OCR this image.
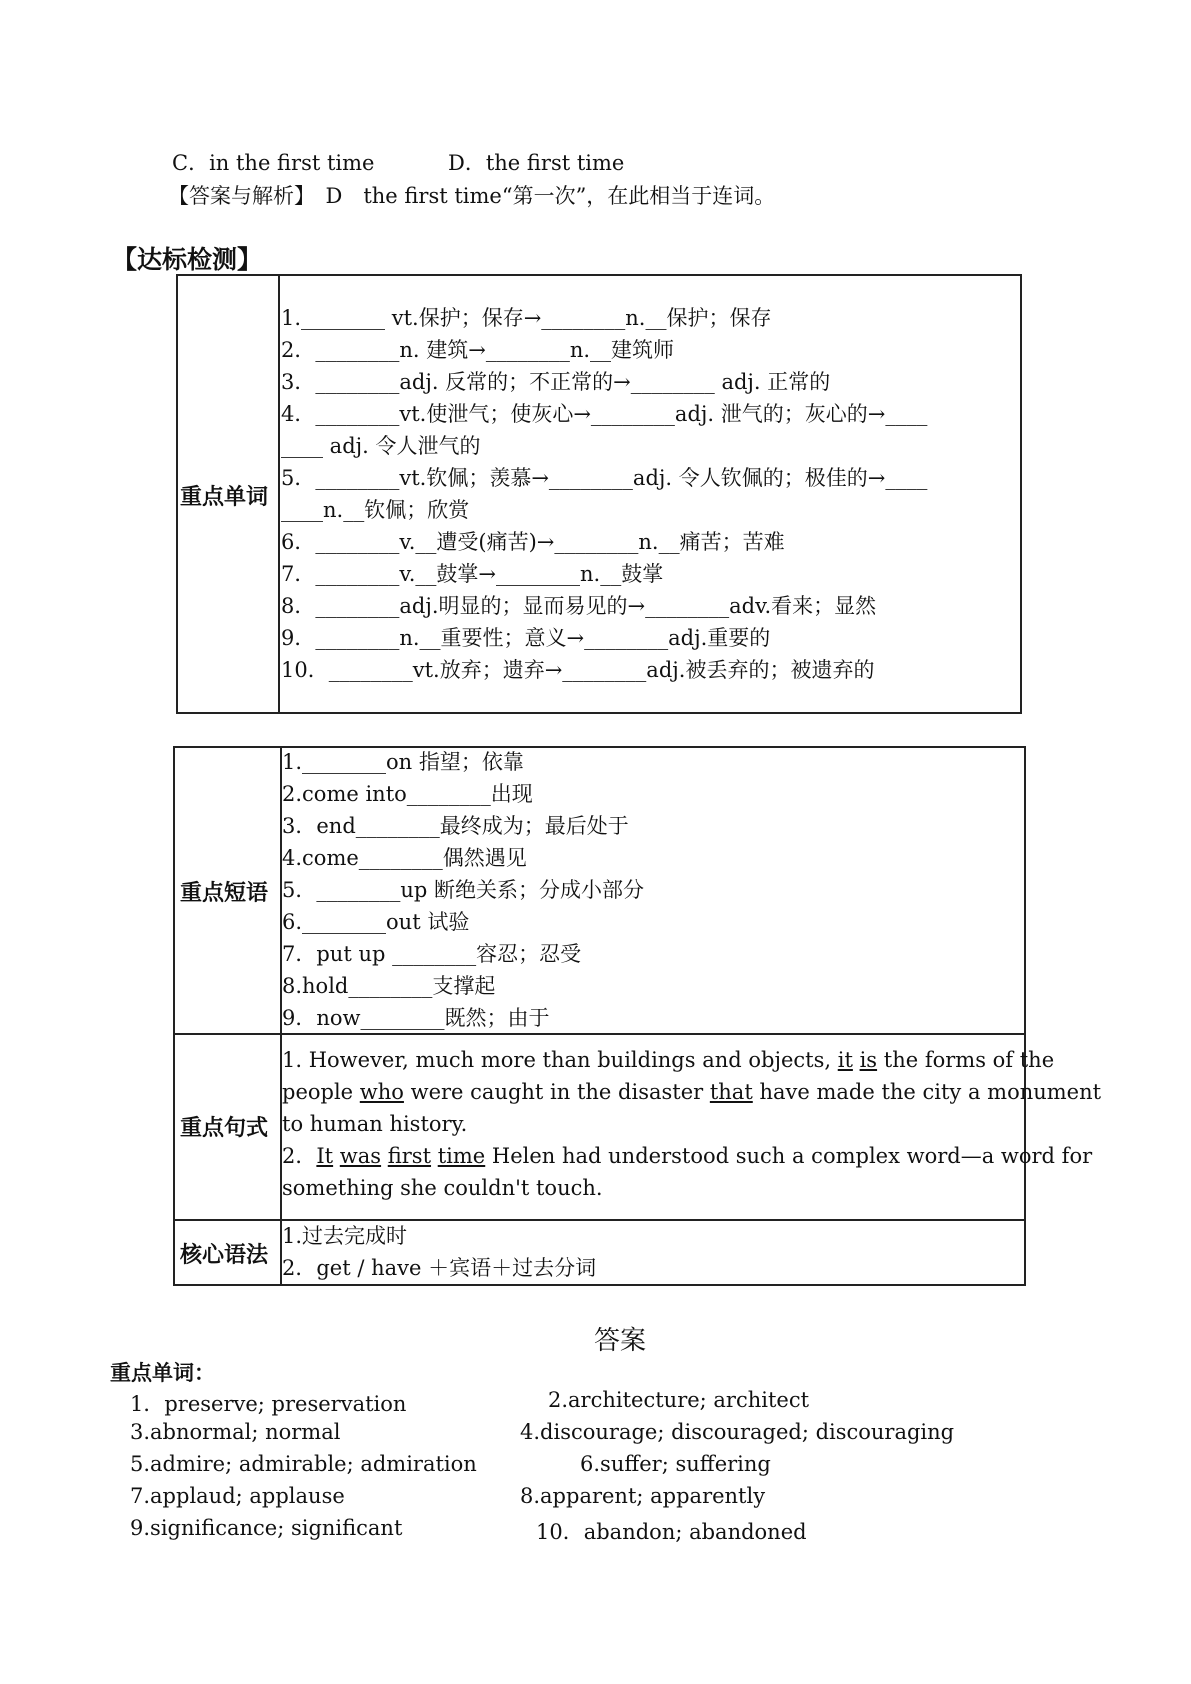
C．in the first time	D．the first time
【答案与解析】　D　the first time“第一次”，在此相当于连词。
【达标检测】
重点单词
1.________ vt.保护；保存→________n.__保护；保存
2．________n. 建筑→________n.__建筑师
3．________adj. 反常的；不正常的→________ adj. 正常的
4．________vt.使泄气；使灰心→________adj. 泄气的；灰心的→____
____ adj. 令人泄气的
5．________vt.钦佩；羡慕→________adj. 令人钦佩的；极佳的→____
____n.__钦佩；欣赏
6．________v.__遭受(痛苦)→________n.__痛苦；苦难
7．________v.__鼓掌→________n.__鼓掌
8．________adj.明显的；显而易见的→________adv.看来；显然
9．________n.__重要性；意义→________adj.重要的
10．________vt.放弃；遗弃→________adj.被丢弃的；被遗弃的
重点短语
1.________on 指望；依靠
2.come into________出现
3．end________最终成为；最后处于
4.come________偶然遇见
5．________up 断绝关系；分成小部分
6.________out 试验
7．put up ________容忍；忍受
8.hold________支撑起
9．now________既然；由于
重点句式
1. However, much more than buildings and objects, it is the forms of the
people who were caught in the disaster that have made the city a monument
to human history.
2．It was first time Helen had understood such a complex word—a word for
something she couldn't touch.
核心语法
1.过去完成时
2．get / have ＋宾语＋过去分词
答案
重点单词：
1．preserve; preservation	2.architecture; architect
3.abnormal; normal	4.discourage; discouraged; discouraging
5.admire; admirable; admiration	6.suffer; suffering
7.applaud; applause	8.apparent; apparently
9.significance; significant	10．abandon; abandoned
